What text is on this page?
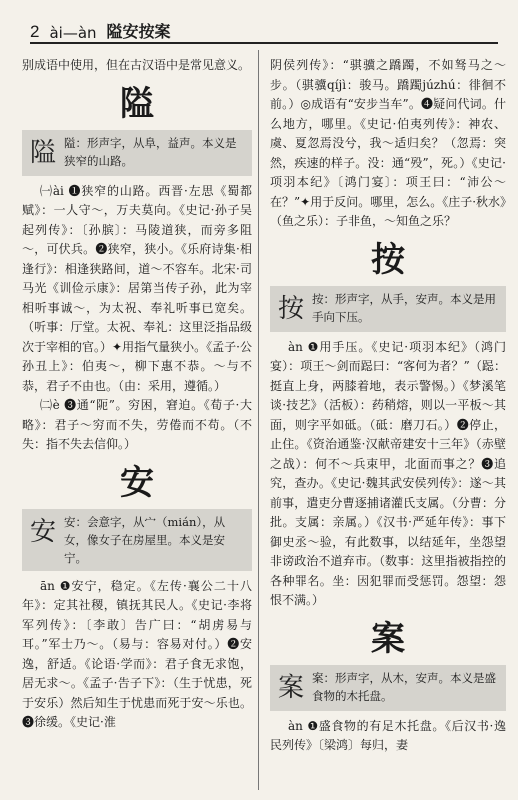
2 ài—àn 隘安按案

别成语中使用，但在古汉语中是常见意义。

隘
隘 隘：形声字，从阜，益声。本义是狭窄的山路。

㈠ài ❶狭窄的山路。西晋·左思《蜀都赋》：一人守～，万夫莫向。《史记·孙子吴起列传》：〔孙膑〕：马陵道狭，而旁多阻～，可伏兵。❷狭窄，狭小。《乐府诗集·相逢行》：相逢狭路间，道～不容车。北宋·司马光《训俭示康》：居第当传子孙，此为宰相听事诚～，为太祝、奉礼听事已宽矣。（听事：厅堂。太祝、奉礼：这里泛指品级次于宰相的官。）✦用指气量狭小。《孟子·公孙丑上》：伯夷～，柳下惠不恭。～与不恭，君子不由也。（由：采用，遵循。）

㈡è ❸通“阨”。穷困，窘迫。《荀子·大略》：君子～穷而不失，劳倦而不苟。（不失：指不失去信仰。）

安
安 安：会意字，从宀（mián），从女，像女子在房屋里。本义是安宁。

ān ❶安宁，稳定。《左传·襄公二十八年》：定其社稷，镇抚其民人。《史记·李将军列传》：〔李敢〕告广曰：“胡虏易与耳。”军士乃～。（易与：容易对付。）❷安逸，舒适。《论语·学而》：君子食无求饱，居无求～。《孟子·告子下》：（生于忧患，死于安乐）然后知生于忧患而死于安～乐也。❸徐缓。《史记·淮

阴侯列传》：“骐骥之蹻躅，不如驽马之～步。（骐骥qíjì：骏马。蹻躅júzhú：徘徊不前。）◎成语有“安步当车”。❹疑问代词。什么地方，哪里。《史记·伯夷列传》：神农、虞、夏忽焉没兮，我～适归矣？（忽焉：突然，疾速的样子。没：通“殁”，死。）《史记·项羽本纪》〔鸿门宴〕：项王曰：“沛公～在？”✦用于反问。哪里，怎么。《庄子·秋水》（鱼之乐）：子非鱼，～知鱼之乐？

按
按 按：形声字，从手，安声。本义是用手向下压。

àn ❶用手压。《史记·项羽本纪》（鸿门宴）：项王～剑而跽曰：“客何为者？”（跽：挺直上身，两膝着地，表示警惕。）《梦溪笔谈·技艺》（活板）：药稍熔，则以一平板～其面，则字平如砥。（砥：磨刀石。）❷停止，止住。《资治通鉴·汉献帝建安十三年》（赤壁之战）：何不～兵束甲，北面而事之？❸追究，查办。《史记·魏其武安侯列传》：遂～其前事，遣吏分曹逐捕诸灌氏支属。（分曹：分批。支属：亲属。）《汉书·严延年传》：事下御史丞～验，有此数事，以结延年，坐怨望非谤政治不道弃市。（数事：这里指被指控的各种罪名。坐：因犯罪而受惩罚。怨望：怨恨不满。）

案
案 案：形声字，从木，安声。本义是盛食物的木托盘。

àn ❶盛食物的有足木托盘。《后汉书·逸民列传》〔梁鸿〕每归，妻
